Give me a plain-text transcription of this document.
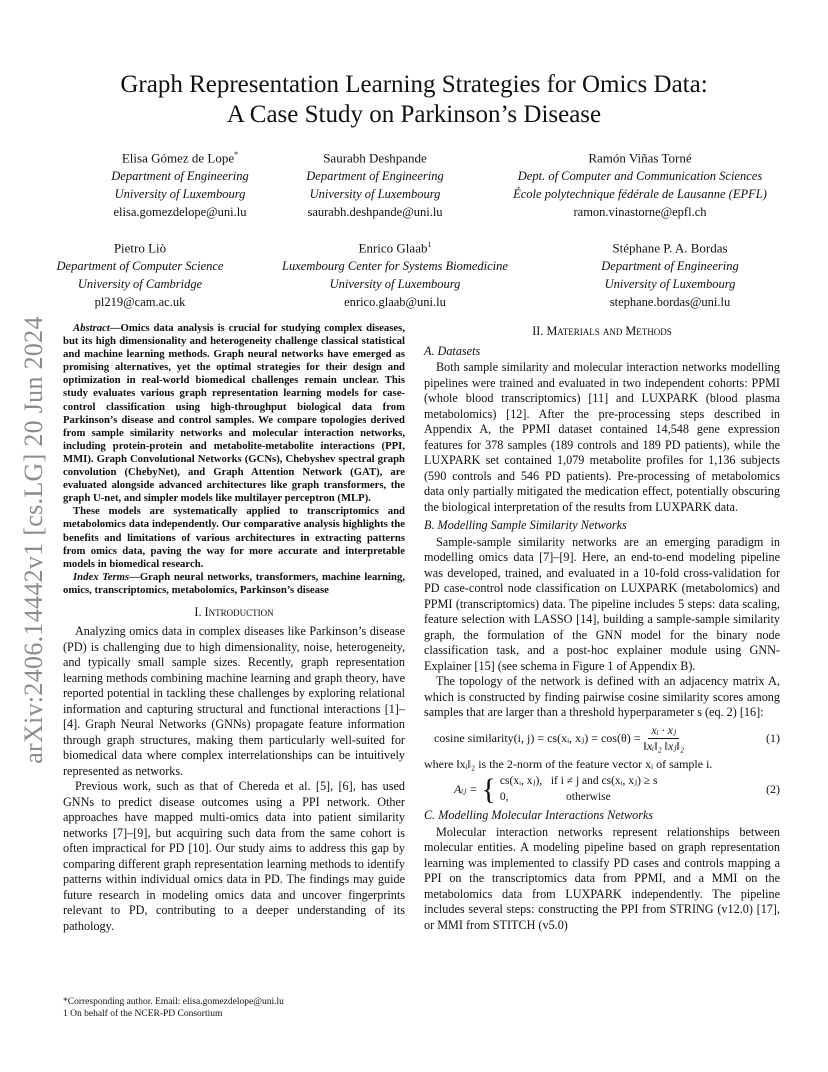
arXiv:2406.14442v1 [cs.LG] 20 Jun 2024
Graph Representation Learning Strategies for Omics Data:
A Case Study on Parkinson’s Disease
Elisa Gómez de Lope*
Department of Engineering
University of Luxembourg
elisa.gomezdelope@uni.lu
Saurabh Deshpande
Department of Engineering
University of Luxembourg
saurabh.deshpande@uni.lu
Ramón Viñas Torné
Dept. of Computer and Communication Sciences
École polytechnique fédérale de Lausanne (EPFL)
ramon.vinastorne@epfl.ch
Pietro Liò
Department of Computer Science
University of Cambridge
pl219@cam.ac.uk
Enrico Glaab$^1$
Luxembourg Center for Systems Biomedicine
University of Luxembourg
enrico.glaab@uni.lu
Stéphane P. A. Bordas
Department of Engineering
University of Luxembourg
stephane.bordas@uni.lu

Abstract—Omics data analysis is crucial for studying complex diseases, but its high dimensionality and heterogeneity challenge classical statistical and machine learning methods. Graph neural networks have emerged as promising alternatives, yet the optimal strategies for their design and optimization in real-world biomedical challenges remain unclear. This study evaluates various graph representation learning models for case-control classification using high-throughput biological data from Parkinson’s disease and control samples. We compare topologies derived from sample similarity networks and molecular interaction networks, including protein-protein and metabolite-metabolite interactions (PPI, MMI). Graph Convolutional Networks (GCNs), Chebyshev spectral graph convolution (ChebyNet), and Graph Attention Network (GAT), are evaluated alongside advanced architectures like graph transformers, the graph U-net, and simpler models like multilayer perceptron (MLP).

These models are systematically applied to transcriptomics and metabolomics data independently. Our comparative analysis highlights the benefits and limitations of various architectures in extracting patterns from omics data, paving the way for more accurate and interpretable models in biomedical research.

Index Terms—Graph neural networks, transformers, machine learning, omics, transcriptomics, metabolomics, Parkinson’s disease

I. Introduction

Analyzing omics data in complex diseases like Parkinson’s disease (PD) is challenging due to high dimensionality, noise, heterogeneity, and typically small sample sizes. Recently, graph representation learning methods combining machine learning and graph theory, have reported potential in tackling these challenges by exploring relational information and capturing structural and functional interactions [1]–[4]. Graph Neural Networks (GNNs) propagate feature information through graph structures, making them particularly well-suited for biomedical data where complex interrelationships can be intuitively represented as networks.

Previous work, such as that of Chereda et al. [5], [6], has used GNNs to predict disease outcomes using a PPI network. Other approaches have mapped multi-omics data into patient similarity networks [7]–[9], but acquiring such data from the same cohort is often impractical for PD [10]. Our study aims to address this gap by comparing different graph representation learning methods to identify patterns within individual omics data in PD. The findings may guide future research in modeling omics data and uncover fingerprints relevant to PD, contributing to a deeper understanding of its pathology.

*Corresponding author. Email: elisa.gomezdelope@uni.lu
1 On behalf of the NCER-PD Consortium
II. Materials and Methods
A. Datasets

Both sample similarity and molecular interaction networks modelling pipelines were trained and evaluated in two independent cohorts: PPMI (whole blood transcriptomics) [11] and LUXPARK (blood plasma metabolomics) [12]. After the pre-processing steps described in Appendix A, the PPMI dataset contained 14,548 gene expression features for 378 samples (189 controls and 189 PD patients), while the LUXPARK set contained 1,079 metabolite profiles for 1,136 subjects (590 controls and 546 PD patients). Pre-processing of metabolomics data only partially mitigated the medication effect, potentially obscuring the biological interpretation of the results from LUXPARK data.

B. Modelling Sample Similarity Networks

Sample-sample similarity networks are an emerging paradigm in modelling omics data [7]–[9]. Here, an end-to-end modeling pipeline was developed, trained, and evaluated in a 10-fold cross-validation for PD case-control node classification on LUXPARK (metabolomics) and PPMI (transcriptomics) data. The pipeline includes 5 steps: data scaling, feature selection with LASSO [14], building a sample-sample similarity graph, the formulation of the GNN model for the binary node classification task, and a post-hoc explainer module using GNN-Explainer [15] (see schema in Figure 1 of Appendix B).

The topology of the network is defined with an adjacency matrix A, which is constructed by finding pairwise cosine similarity scores among samples that are larger than a threshold hyperparameter s (eq. 2) [16]:

cosine similarity(i, j) = cs(xᵢ, xⱼ) = $\cos(\theta) = \frac{\text{xᵢ · xⱼ}}{\text{‖xᵢ‖₂ ‖xⱼ‖₂}}$	(1)
where ‖xᵢ‖₂ is the 2-norm of the feature vector xᵢ of sample i.
Aᵢⱼ = { cs(xᵢ, xⱼ),   if i ≠ j and cs(xᵢ, xⱼ) ≥ s
0,                    otherwise
(2)
C. Modelling Molecular Interactions Networks

Molecular interaction networks represent relationships between molecular entities. A modeling pipeline based on graph representation learning was implemented to classify PD cases and controls mapping a PPI on the transcriptomics data from PPMI, and a MMI on the metabolomics data from LUXPARK independently. The pipeline includes several steps: constructing the PPI from STRING (v12.0) [17], or MMI from STITCH (v5.0)
